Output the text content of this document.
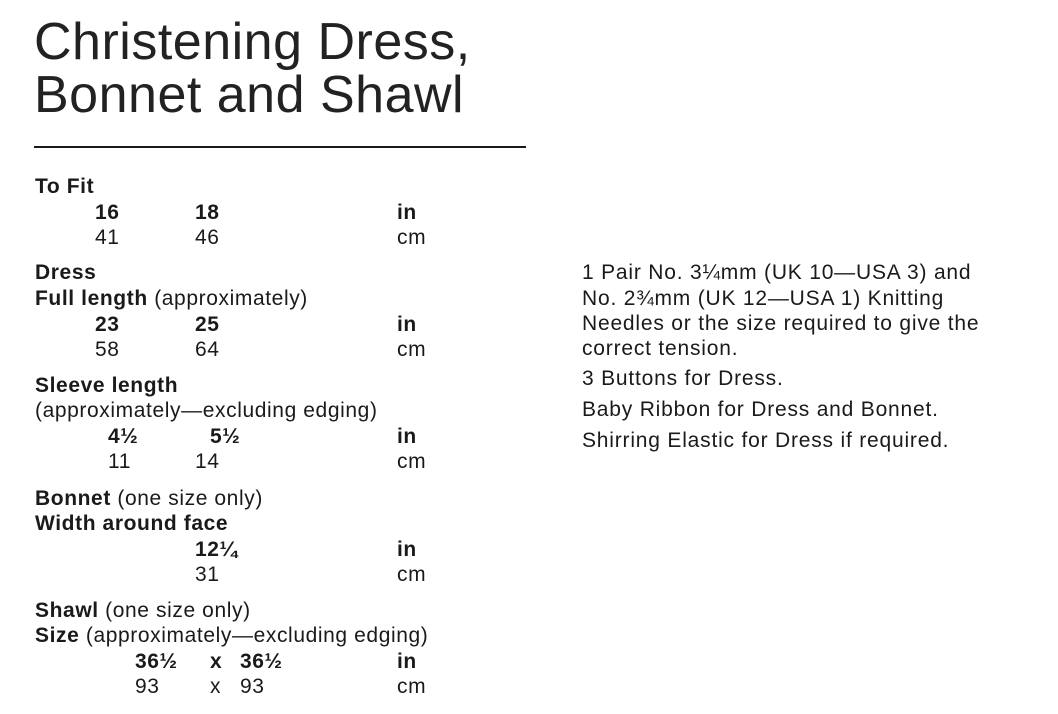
Christening Dress,
Bonnet and Shawl
To Fit
16	18	in
41	46	cm
Dress
Full length (approximately)
23	25	in
58	64	cm
Sleeve length
(approximately—excluding edging)
4½	5½	in
11	14	cm
Bonnet (one size only)
Width around face
12¼	in
31	cm
Shawl (one size only)
Size (approximately—excluding edging)
36½ x 36½	in
93 x 93	cm
1 Pair No. 3¼mm (UK 10—USA 3) and
No. 2¾mm (UK 12—USA 1) Knitting
Needles or the size required to give the
correct tension.
3 Buttons for Dress.
Baby Ribbon for Dress and Bonnet.
Shirring Elastic for Dress if required.
